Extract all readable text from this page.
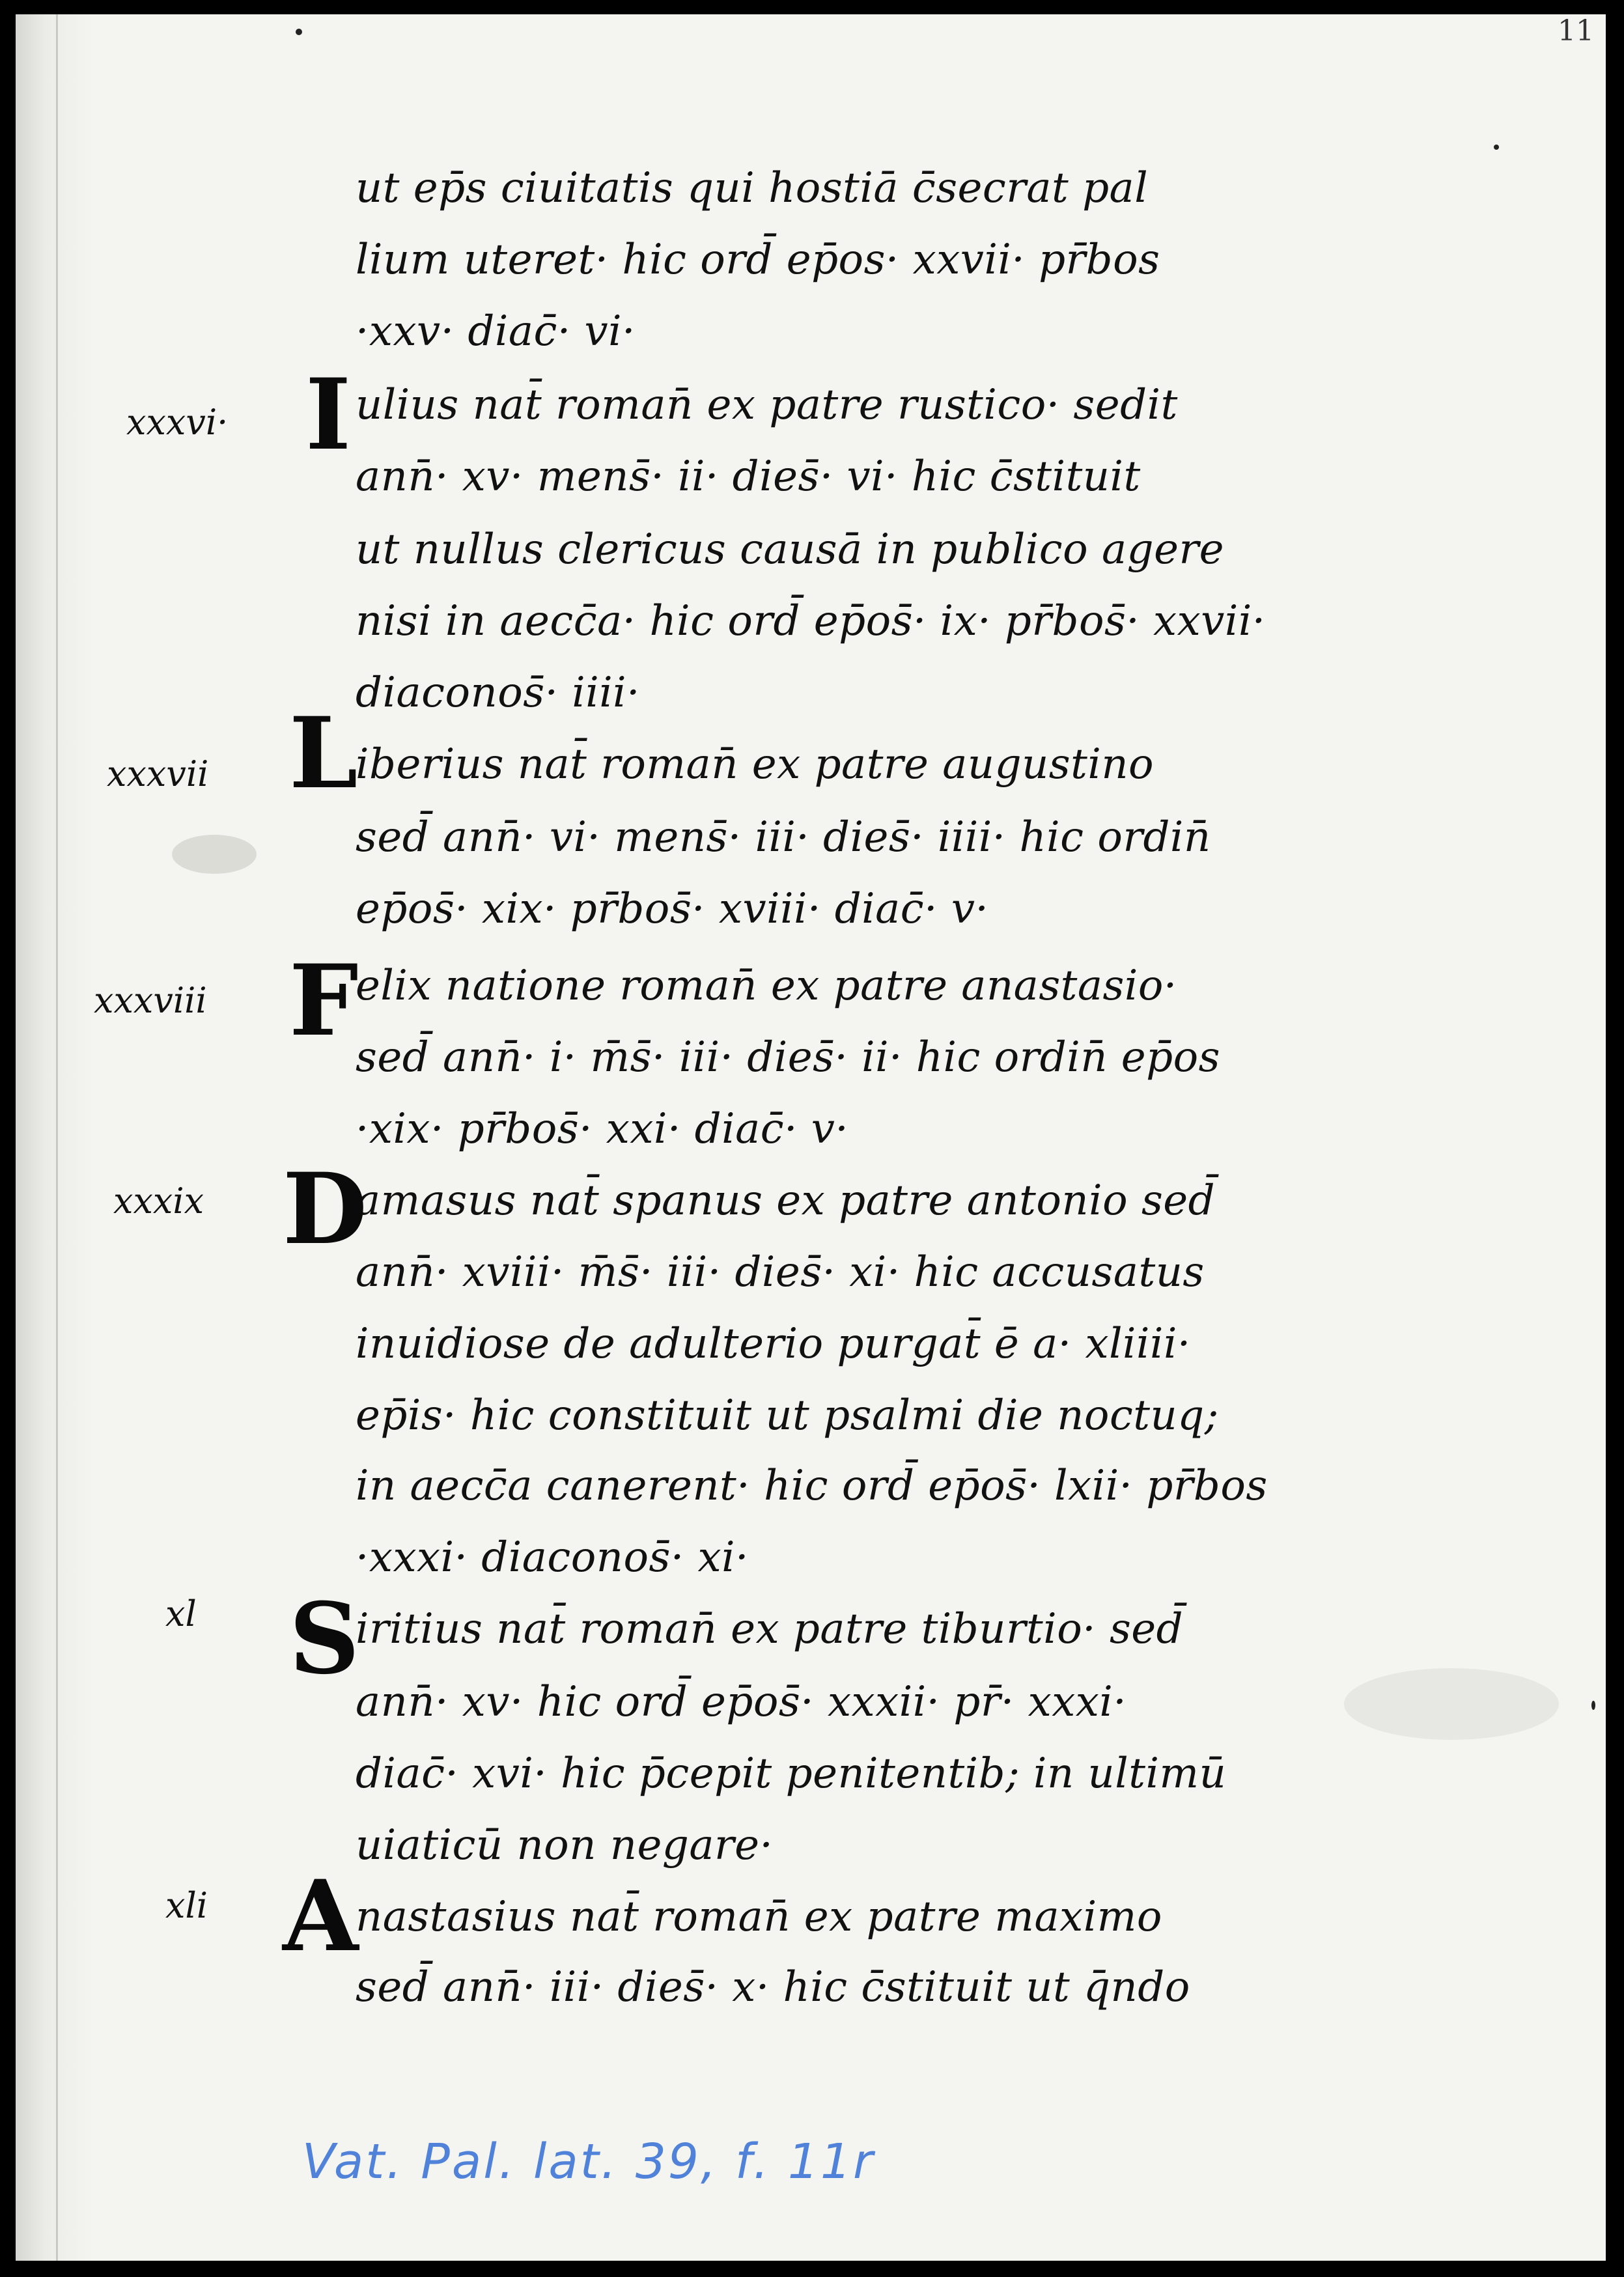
11
ut ep̄s ciuitatis qui hostiā c̄secrat pal
lium uteret· hic ord̄ ep̄os· xxvii· pr̄bos
·xxv· diac̄· vi·
ulius nat̄ roman̄ ex patre rustico· sedit
ann̄· xv· mens̄· ii· dies̄· vi· hic c̄stituit
ut nullus clericus causā in publico agere
nisi in aecc̄a· hic ord̄ ep̄os̄· ix· pr̄bos̄· xxvii·
diaconos̄· iiii·
iberius nat̄ roman̄ ex patre augustino
sed̄ ann̄· vi· mens̄· iii· dies̄· iiii· hic ordin̄
ep̄os̄· xix· pr̄bos̄· xviii· diac̄· v·
elix natione roman̄ ex patre anastasio·
sed̄ ann̄· i· m̄s̄· iii· dies̄· ii· hic ordin̄ ep̄os
·xix· pr̄bos̄· xxi· diac̄· v·
amasus nat̄ spanus ex patre antonio sed̄
ann̄· xviii· m̄s̄· iii· dies̄· xi· hic accusatus
inuidiose de adulterio purgat̄ ē a· xliiii·
ep̄is· hic constituit ut psalmi die noctuq;
in aecc̄a canerent· hic ord̄ ep̄os̄· lxii· pr̄bos
·xxxi· diaconos̄· xi·
iritius nat̄ roman̄ ex patre tiburtio· sed̄
ann̄· xv· hic ord̄ ep̄os̄· xxxii· pr̄· xxxi·
diac̄· xvi· hic p̄cepit penitentib; in ultimū
uiaticū non negare·
nastasius nat̄ roman̄ ex patre maximo
sed̄ ann̄· iii· dies̄· x· hic c̄stituit ut q̄ndo
xxxvi·
xxxvii
xxxviii
xxxix
xl
xli
I
L
F
D
S
A
Vat. Pal. lat. 39, f. 11r
